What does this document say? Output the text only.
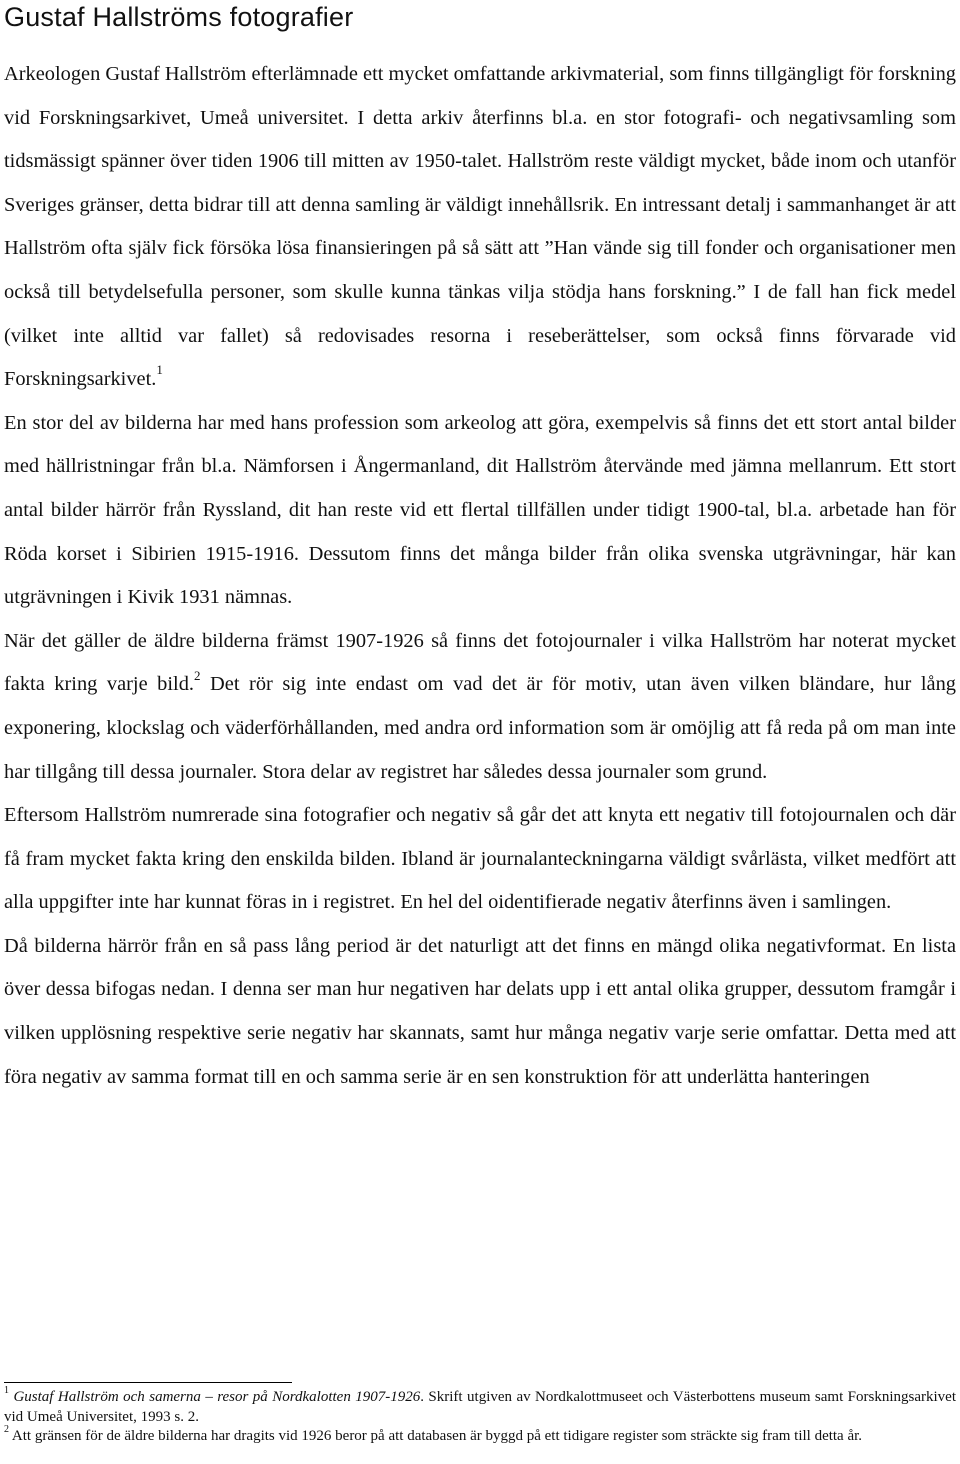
Gustaf Hallströms fotografier

Arkeologen Gustaf Hallström efterlämnade ett mycket omfattande arkivmaterial, som finns tillgängligt för forskning vid Forskningsarkivet, Umeå universitet. I detta arkiv återfinns bl.a. en stor fotografi- och negativsamling som tidsmässigt spänner över tiden 1906 till mitten av 1950-talet. Hallström reste väldigt mycket, både inom och utanför Sveriges gränser, detta bidrar till att denna samling är väldigt innehållsrik. En intressant detalj i sammanhanget är att Hallström ofta själv fick försöka lösa finansieringen på så sätt att ”Han vände sig till fonder och organisationer men också till betydelsefulla personer, som skulle kunna tänkas vilja stödja hans forskning.” I de fall han fick medel (vilket inte alltid var fallet) så redovisades resorna i reseberättelser, som också finns förvarade vid Forskningsarkivet.$^1$

En stor del av bilderna har med hans profession som arkeolog att göra, exempelvis så finns det ett stort antal bilder med hällristningar från bl.a. Nämforsen i Ångermanland, dit Hallström återvände med jämna mellanrum. Ett stort antal bilder härrör från Ryssland, dit han reste vid ett flertal tillfällen under tidigt 1900-tal, bl.a. arbetade han för Röda korset i Sibirien 1915-1916. Dessutom finns det många bilder från olika svenska utgrävningar, här kan utgrävningen i Kivik 1931 nämnas.

När det gäller de äldre bilderna främst 1907-1926 så finns det fotojournaler i vilka Hallström har noterat mycket fakta kring varje bild.$^2$ Det rör sig inte endast om vad det är för motiv, utan även vilken bländare, hur lång exponering, klockslag och väderförhållanden, med andra ord information som är omöjlig att få reda på om man inte har tillgång till dessa journaler. Stora delar av registret har således dessa journaler som grund.

Eftersom Hallström numrerade sina fotografier och negativ så går det att knyta ett negativ till fotojournalen och där få fram mycket fakta kring den enskilda bilden. Ibland är journalanteckningarna väldigt svårlästa, vilket medfört att alla uppgifter inte har kunnat föras in i registret. En hel del oidentifierade negativ återfinns även i samlingen.

Då bilderna härrör från en så pass lång period är det naturligt att det finns en mängd olika negativformat. En lista över dessa bifogas nedan. I denna ser man hur negativen har delats upp i ett antal olika grupper, dessutom framgår i vilken upplösning respektive serie negativ har skannats, samt hur många negativ varje serie omfattar. Detta med att föra negativ av samma format till en och samma serie är en sen konstruktion för att underlätta hanteringen

$^1$ Gustaf Hallström och samerna – resor på Nordkalotten 1907-1926. Skrift utgiven av Nordkalottmuseet och Västerbottens museum samt Forskningsarkivet vid Umeå Universitet, 1993 s. 2.

$^2$ Att gränsen för de äldre bilderna har dragits vid 1926 beror på att databasen är byggd på ett tidigare register som sträckte sig fram till detta år.
